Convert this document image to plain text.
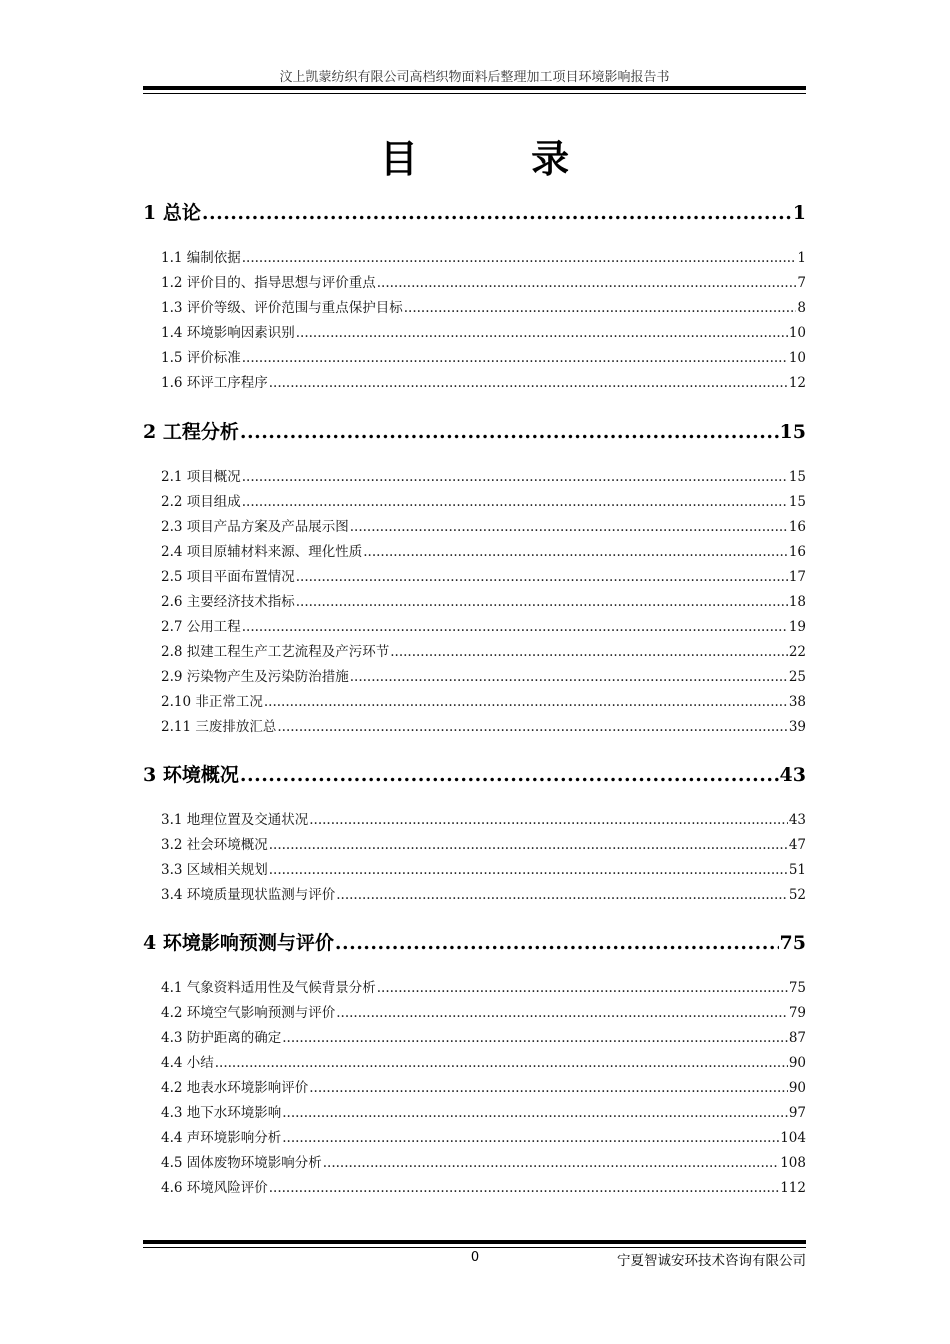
汶上凯蒙纺织有限公司高档织物面料后整理加工项目环境影响报告书
目 录
1 总论 .....	1
1.1 编制依据 .....	1
1.2 评价目的、指导思想与评价重点 .....	7
1.3 评价等级、评价范围与重点保护目标 .....	8
1.4 环境影响因素识别 .....	10
1.5 评价标准 .....	10
1.6 环评工序程序 .....	12
2 工程分析 .....	15
2.1 项目概况 .....	15
2.2 项目组成 .....	15
2.3 项目产品方案及产品展示图 .....	16
2.4 项目原辅材料来源、理化性质 .....	16
2.5 项目平面布置情况 .....	17
2.6 主要经济技术指标 .....	18
2.7 公用工程 .....	19
2.8 拟建工程生产工艺流程及产污环节 .....	22
2.9 污染物产生及污染防治措施 .....	25
2.10 非正常工况 .....	38
2.11 三废排放汇总 .....	39
3 环境概况 .....	43
3.1 地理位置及交通状况 .....	43
3.2 社会环境概况 .....	47
3.3 区域相关规划 .....	51
3.4 环境质量现状监测与评价 .....	52
4 环境影响预测与评价 .....	75
4.1 气象资料适用性及气候背景分析 .....	75
4.2 环境空气影响预测与评价 .....	79
4.3 防护距离的确定 .....	87
4.4 小结 .....	90
4.2 地表水环境影响评价 .....	90
4.3 地下水环境影响 .....	97
4.4 声环境影响分析 .....	104
4.5 固体废物环境影响分析 .....	108
4.6 环境风险评价 .....	112
0	宁夏智诚安环技术咨询有限公司
